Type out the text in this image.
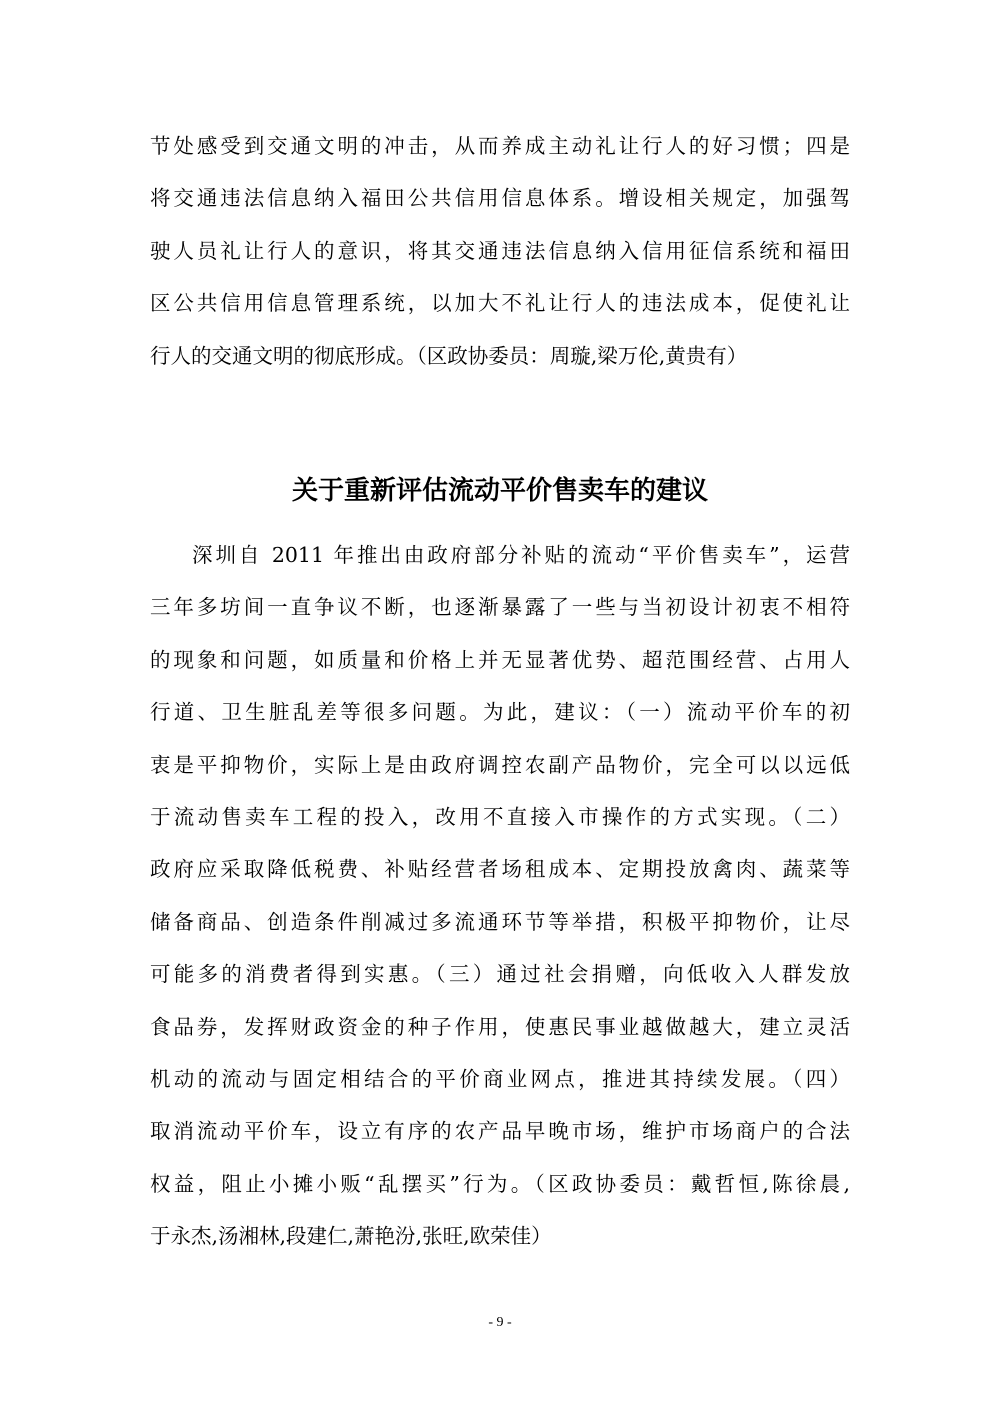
节处感受到交通文明的冲击，从而养成主动礼让行人的好习惯；四是
将交通违法信息纳入福田公共信用信息体系。增设相关规定，加强驾
驶人员礼让行人的意识，将其交通违法信息纳入信用征信系统和福田
区公共信用信息管理系统，以加大不礼让行人的违法成本，促使礼让
行人的交通文明的彻底形成。（区政协委员：周璇,梁万伦,黄贵有）
关于重新评估流动平价售卖车的建议
深圳自 2011 年推出由政府部分补贴的流动“平价售卖车”，运营
三年多坊间一直争议不断，也逐渐暴露了一些与当初设计初衷不相符
的现象和问题，如质量和价格上并无显著优势、超范围经营、占用人
行道、卫生脏乱差等很多问题。为此，建议：（一）流动平价车的初
衷是平抑物价，实际上是由政府调控农副产品物价，完全可以以远低
于流动售卖车工程的投入，改用不直接入市操作的方式实现。（二）
政府应采取降低税费、补贴经营者场租成本、定期投放禽肉、蔬菜等
储备商品、创造条件削减过多流通环节等举措，积极平抑物价，让尽
可能多的消费者得到实惠。（三）通过社会捐赠，向低收入人群发放
食品券，发挥财政资金的种子作用，使惠民事业越做越大，建立灵活
机动的流动与固定相结合的平价商业网点，推进其持续发展。（四）
取消流动平价车，设立有序的农产品早晚市场，维护市场商户的合法
权益，阻止小摊小贩“乱摆买”行为。（区政协委员：戴哲恒,陈徐晨,
于永杰,汤湘林,段建仁,萧艳汾,张旺,欧荣佳）
- 9 -
